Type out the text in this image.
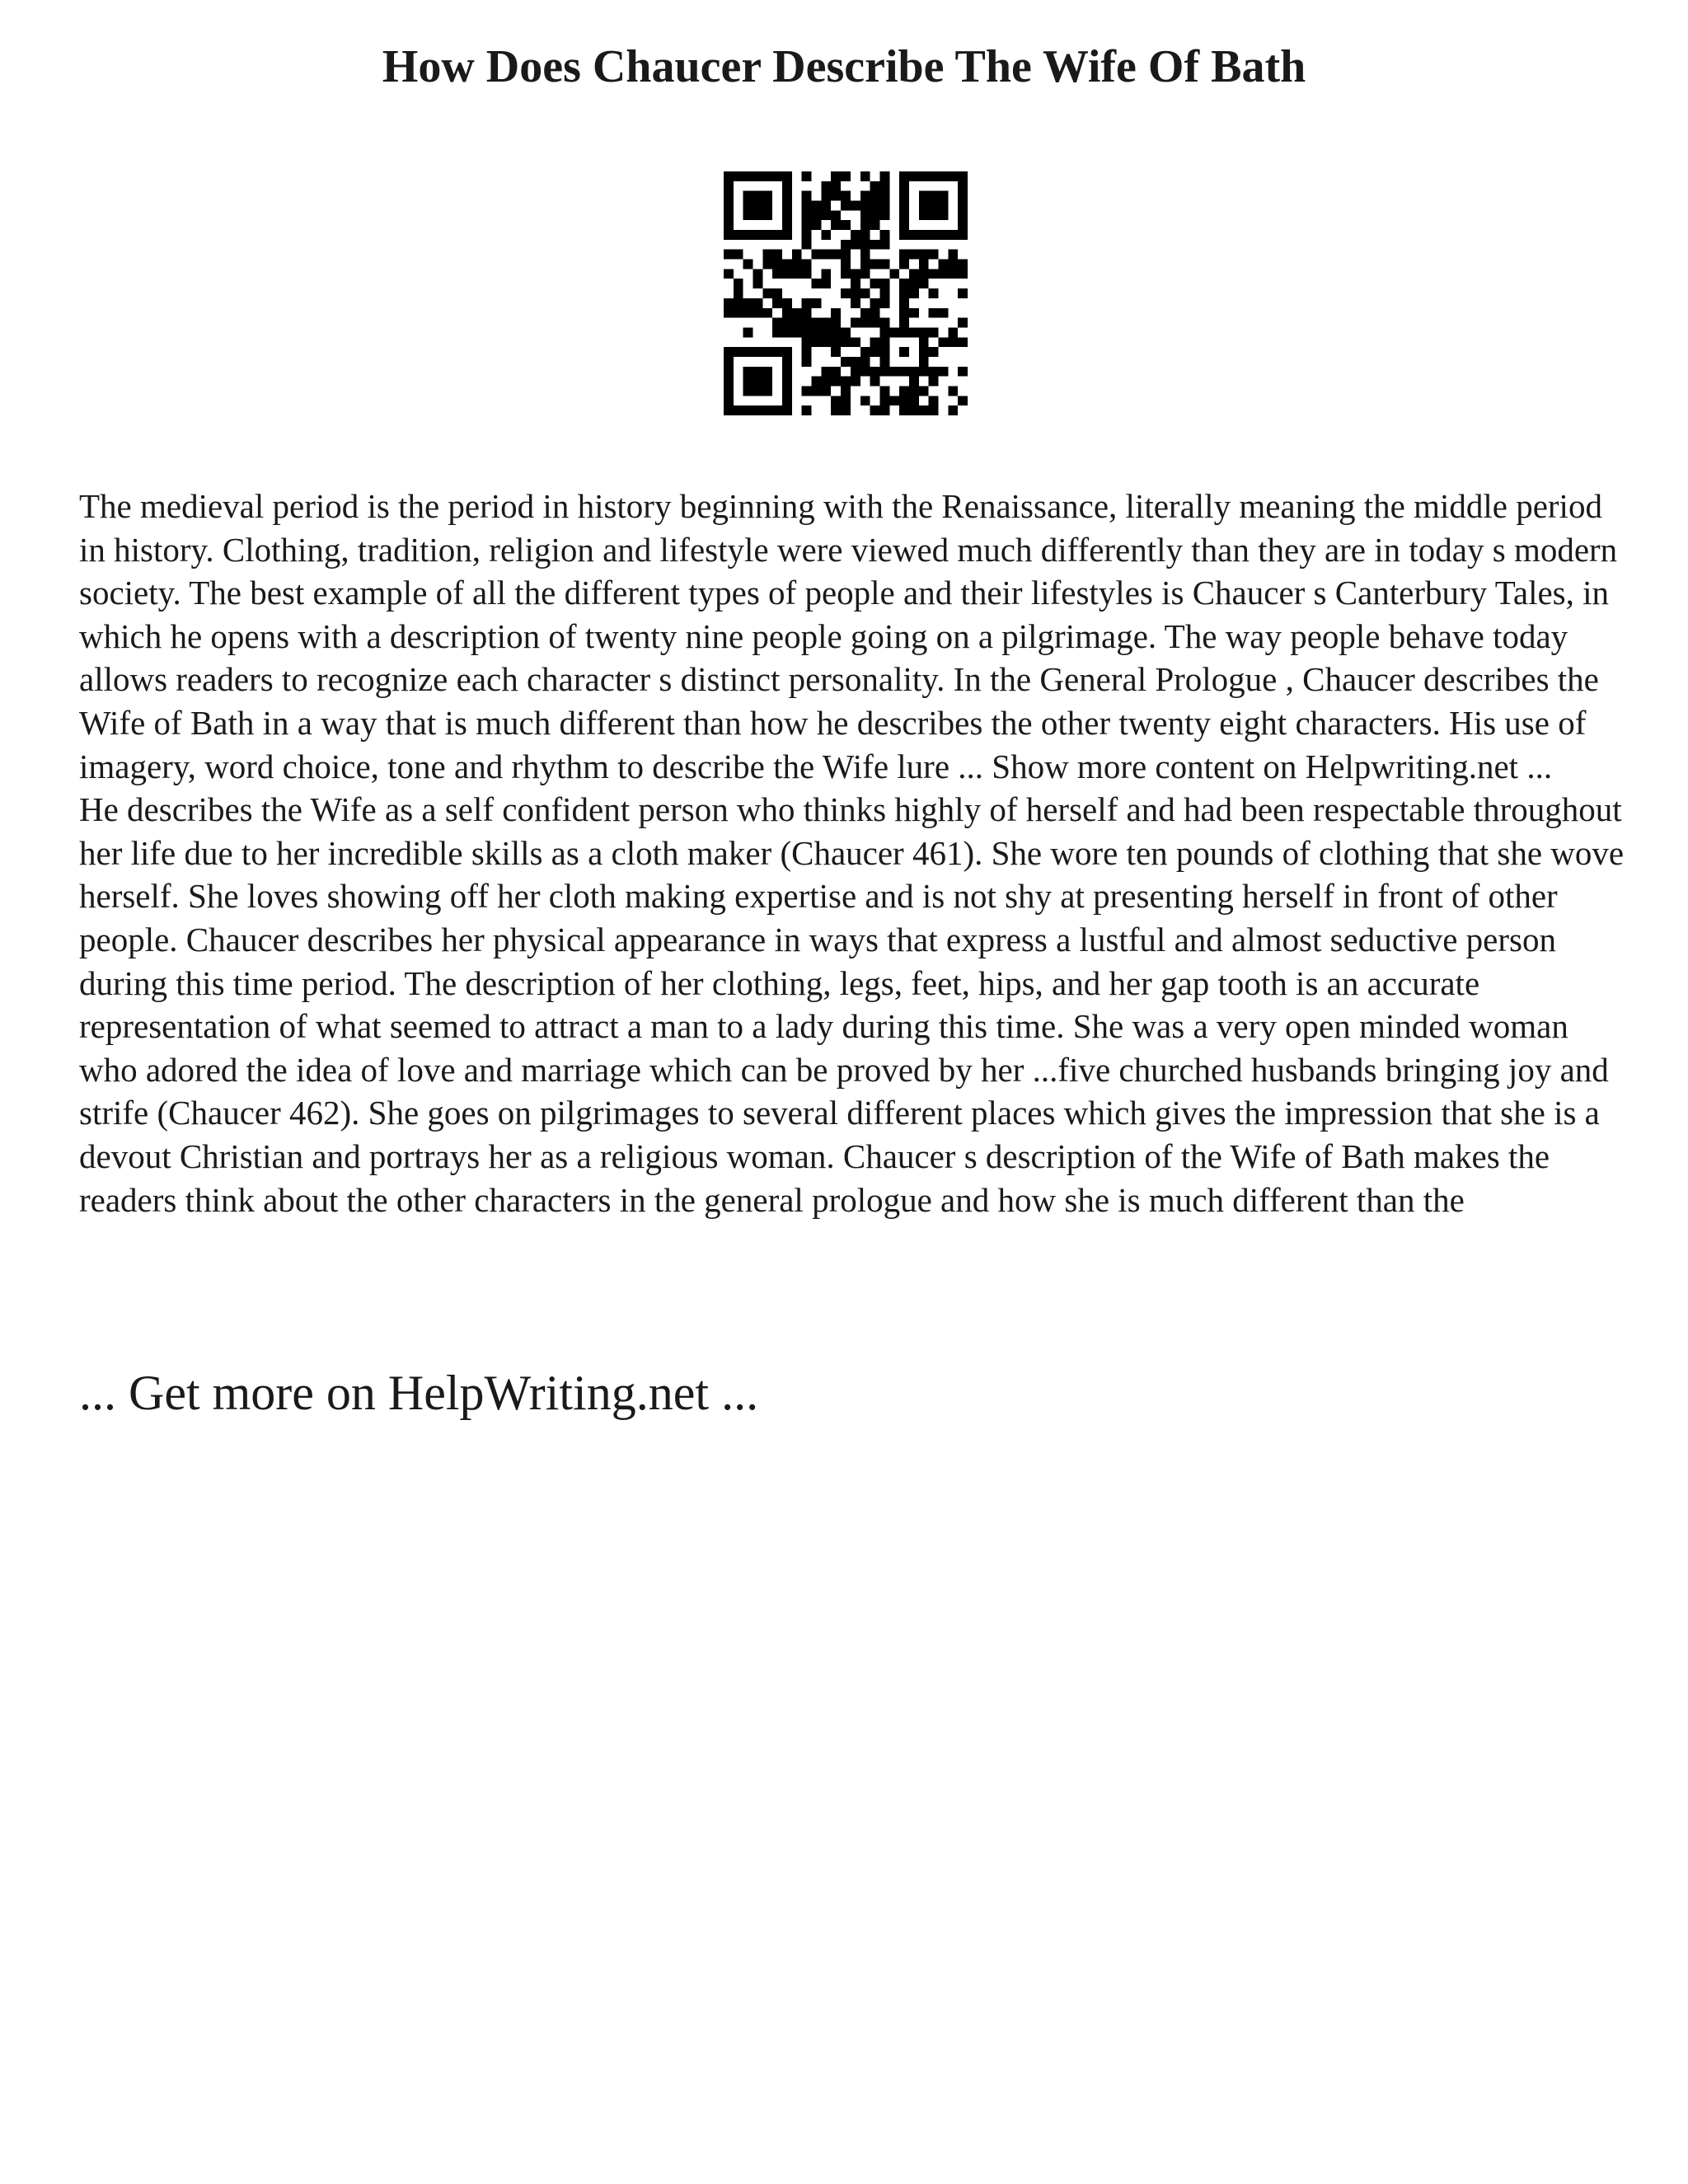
How Does Chaucer Describe The Wife Of Bath

The medieval period is the period in history beginning with the Renaissance, literally meaning the middle period in history. Clothing, tradition, religion and lifestyle were viewed much differently than they are in today s modern society. The best example of all the different types of people and their lifestyles is Chaucer s Canterbury Tales, in which he opens with a description of twenty nine people going on a pilgrimage. The way people behave today allows readers to recognize each character s distinct personality. In the General Prologue , Chaucer describes the Wife of Bath in a way that is much different than how he describes the other twenty eight characters. His use of imagery, word choice, tone and rhythm to describe the Wife lure ... Show more content on Helpwriting.net ...

He describes the Wife as a self confident person who thinks highly of herself and had been respectable throughout her life due to her incredible skills as a cloth maker (Chaucer 461). She wore ten pounds of clothing that she wove herself. She loves showing off her cloth making expertise and is not shy at presenting herself in front of other people. Chaucer describes her physical appearance in ways that express a lustful and almost seductive person during this time period. The description of her clothing, legs, feet, hips, and her gap tooth is an accurate representation of what seemed to attract a man to a lady during this time. She was a very open minded woman who adored the idea of love and marriage which can be proved by her ...five churched husbands bringing joy and strife (Chaucer 462). She goes on pilgrimages to several different places which gives the impression that she is a devout Christian and portrays her as a religious woman. Chaucer s description of the Wife of Bath makes the readers think about the other characters in the general prologue and how she is much different than the

... Get more on HelpWriting.net ...
